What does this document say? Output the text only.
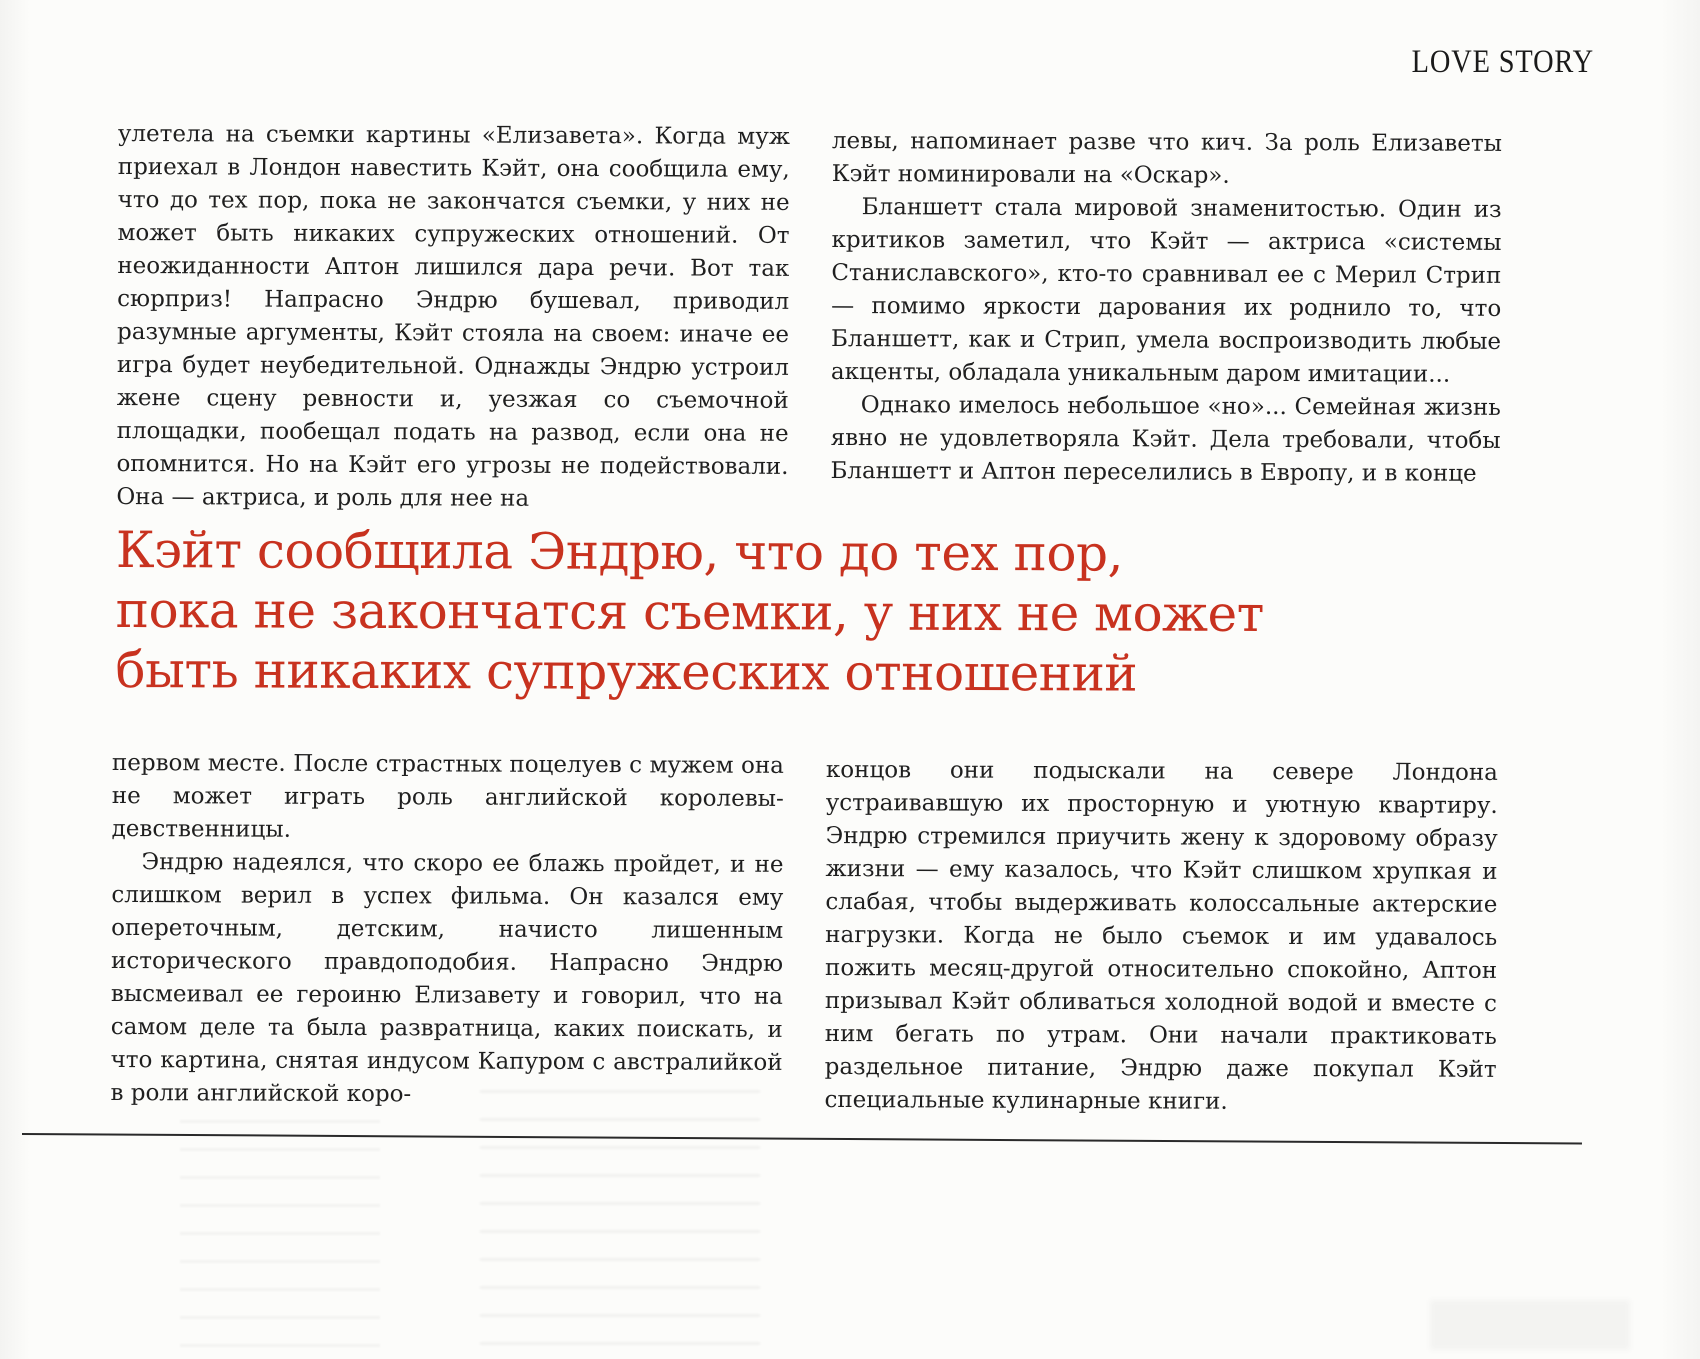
LOVE STORY

улетела на съемки картины «Елизавета». Когда муж приехал в Лондон навестить Кэйт, она сообщила ему, что до тех пор, пока не закончатся съемки, у них не может быть никаких супружеских отношений. От неожиданности Аптон лишился дара речи. Вот так сюрприз! Напрасно Эндрю бушевал, приводил разумные аргументы, Кэйт стояла на своем: иначе ее игра будет неубедительной. Однажды Эндрю устроил жене сцену ревности и, уезжая со съемочной площадки, пообещал подать на развод, если она не опомнится. Но на Кэйт его угрозы не подействовали. Она — актриса, и роль для нее на

левы, напоминает разве что кич. За роль Елизаветы Кэйт номинировали на «Оскар».

Бланшетт стала мировой знаменитостью. Один из критиков заметил, что Кэйт — актриса «системы Станиславского», кто-то сравнивал ее с Мерил Стрип — помимо яркости дарования их роднило то, что Бланшетт, как и Стрип, умела воспроизводить любые акценты, обладала уникальным даром имитации...

Однако имелось небольшое «но»... Семейная жизнь явно не удовлетворяла Кэйт. Дела требовали, чтобы Бланшетт и Аптон переселились в Европу, и в конце

Кэйт сообщила Эндрю, что до тех пор,
пока не закончатся съемки, у них не может
быть никаких супружеских отношений

первом месте. После страстных поцелуев с мужем она не может играть роль английской королевы-девственницы.

Эндрю надеялся, что скоро ее блажь пройдет, и не слишком верил в успех фильма. Он казался ему опереточным, детским, начисто лишенным исторического правдоподобия. Напрасно Эндрю высмеивал ее героиню Елизавету и говорил, что на самом деле та была развратница, каких поискать, и что картина, снятая индусом Капуром с австралийкой в роли английской коро-

концов они подыскали на севере Лондона устраивавшую их просторную и уютную квартиру. Эндрю стремился приучить жену к здоровому образу жизни — ему казалось, что Кэйт слишком хрупкая и слабая, чтобы выдерживать колоссальные актерские нагрузки. Когда не было съемок и им удавалось пожить месяц-другой относительно спокойно, Аптон призывал Кэйт обливаться холодной водой и вместе с ним бегать по утрам. Они начали практиковать раздельное питание, Эндрю даже покупал Кэйт специальные кулинарные книги.
